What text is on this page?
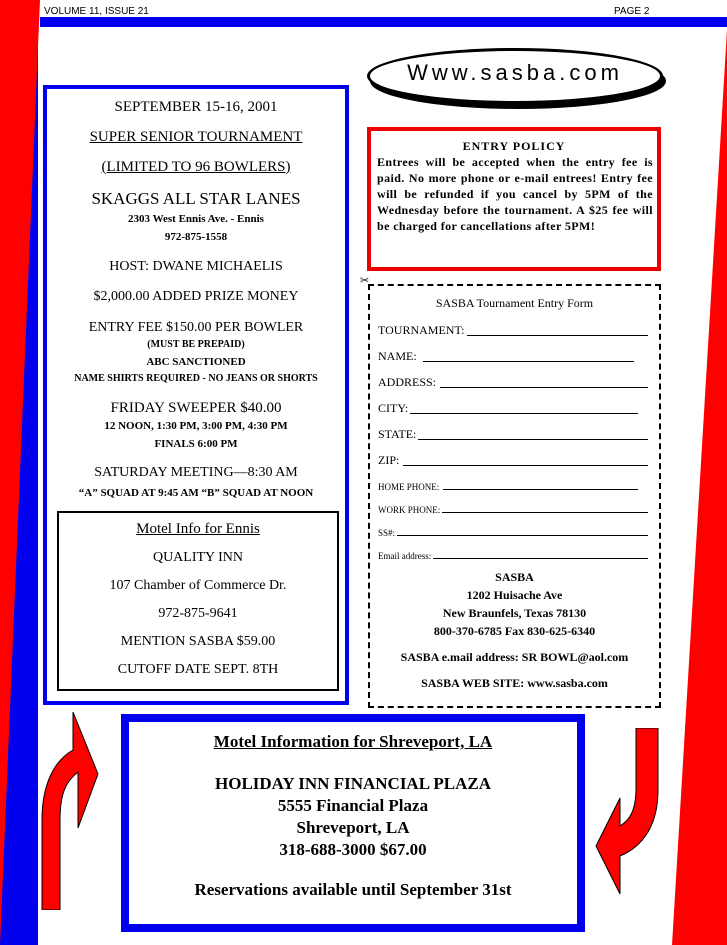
VOLUME 11, ISSUE 21	PAGE 2
SEPTEMBER 15-16, 2001
SUPER SENIOR TOURNAMENT
(LIMITED TO 96 BOWLERS)
SKAGGS ALL STAR LANES
2303 West Ennis Ave. - Ennis
972-875-1558
HOST: DWANE MICHAELIS
$2,000.00 ADDED PRIZE MONEY
ENTRY FEE $150.00 PER BOWLER
(MUST BE PREPAID)
ABC SANCTIONED
NAME SHIRTS REQUIRED - NO JEANS OR SHORTS
FRIDAY SWEEPER $40.00
12 NOON, 1:30 PM, 3:00 PM, 4:30 PM
FINALS 6:00 PM
SATURDAY MEETING—8:30 AM
“A” SQUAD AT 9:45 AM “B” SQUAD AT NOON
Motel Info for Ennis
QUALITY INN
107 Chamber of Commerce Dr.
972-875-9641
MENTION SASBA $59.00
CUTOFF DATE SEPT. 8TH
Www.sasba.com
ENTRY POLICY
Entrees will be accepted when the entry fee is paid. No more phone or e-mail entrees! Entry fee will be refunded if you cancel by 5PM of the Wednesday before the tournament. A $25 fee will be charged for cancellations after 5PM!
✂
SASBA Tournament Entry Form
TOURNAMENT:
NAME:
ADDRESS:
CITY:
STATE:
ZIP:
HOME PHONE:
WORK PHONE:
SS#:
Email address:
SASBA
1202 Huisache Ave
New Braunfels, Texas 78130
800-370-6785 Fax 830-625-6340
SASBA e.mail address: SR BOWL@aol.com
SASBA WEB SITE: www.sasba.com
Motel Information for Shreveport, LA
HOLIDAY INN FINANCIAL PLAZA
5555 Financial Plaza
Shreveport, LA
318-688-3000 $67.00
Reservations available until September 31st
